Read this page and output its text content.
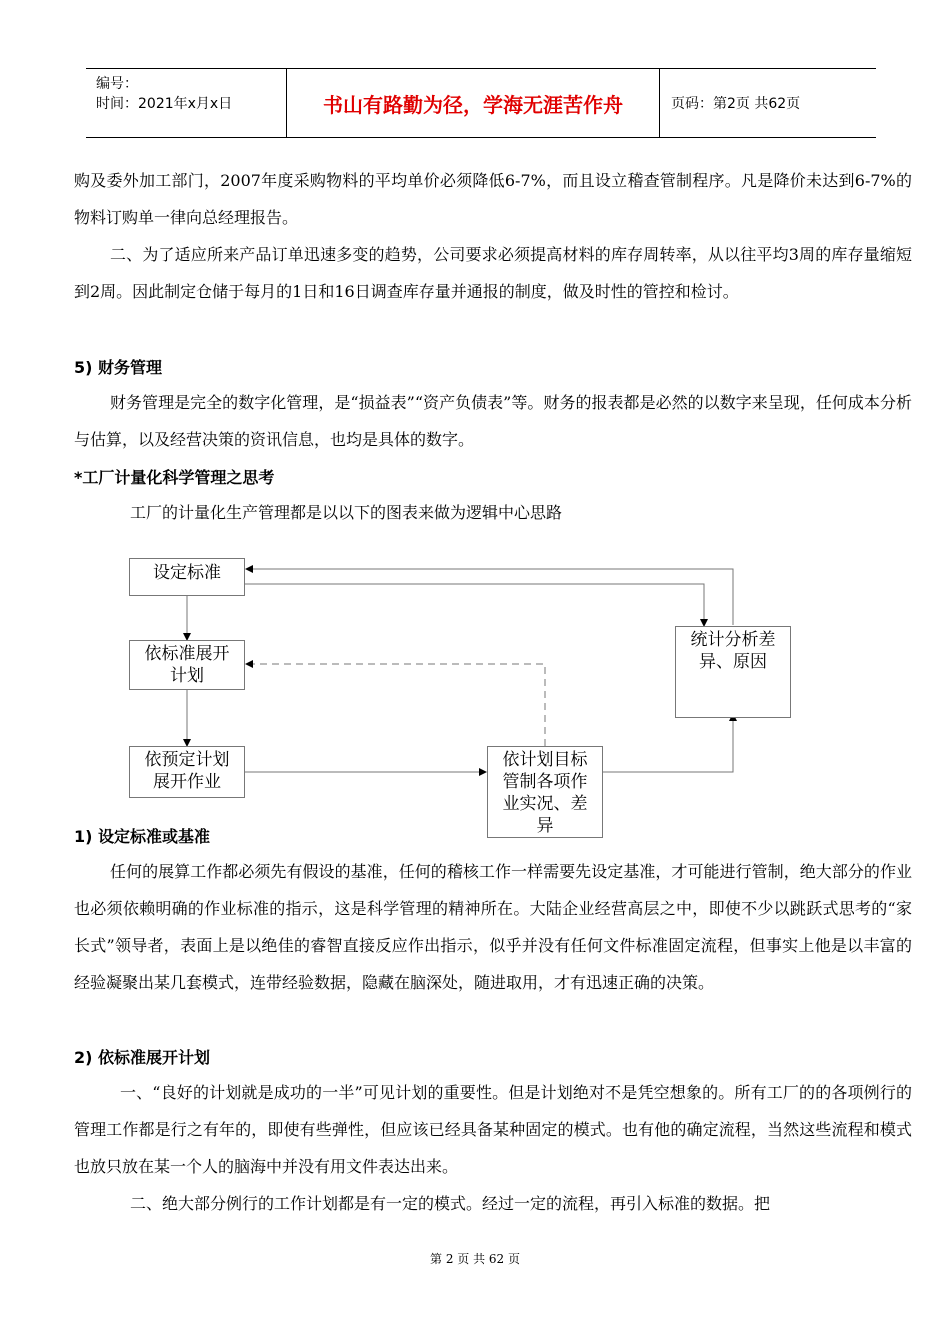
编号：
时间：2021年x月x日	书山有路勤为径，学海无涯苦作舟	页码：第2页 共62页

购及委外加工部门，2007年度采购物料的平均单价必须降低6-7%，而且设立稽查管制程序。凡是降价未达到6-7%的物料订购单一律向总经理报告。

二、为了适应所来产品订单迅速多变的趋势，公司要求必须提高材料的库存周转率，从以往平均3周的库存量缩短到2周。因此制定仓储于每月的1日和16日调查库存量并通报的制度，做及时性的管控和检讨。

5) 财务管理

财务管理是完全的数字化管理，是“损益表”“资产负债表”等。财务的报表都是必然的以数字来呈现，任何成本分析与估算，以及经营决策的资讯信息，也均是具体的数字。

*工厂计量化科学管理之思考

工厂的计量化生产管理都是以以下的图表来做为逻辑中心思路

设定标准
依标准展开计划
依预定计划展开作业
依计划目标管制各项作业实况、差异
统计分析差异、原因
1) 设定标准或基准

任何的展算工作都必须先有假设的基准，任何的稽核工作一样需要先设定基准，才可能进行管制，绝大部分的作业也必须依赖明确的作业标准的指示，这是科学管理的精神所在。大陆企业经营高层之中，即使不少以跳跃式思考的“家长式”领导者，表面上是以绝佳的睿智直接反应作出指示，似乎并没有任何文件标准固定流程，但事实上他是以丰富的经验凝聚出某几套模式，连带经验数据，隐藏在脑深处，随进取用，才有迅速正确的决策。

2) 依标准展开计划

一、“良好的计划就是成功的一半”可见计划的重要性。但是计划绝对不是凭空想象的。所有工厂的的各项例行的管理工作都是行之有年的，即使有些弹性，但应该已经具备某种固定的模式。也有他的确定流程，当然这些流程和模式也放只放在某一个人的脑海中并没有用文件表达出来。

二、绝大部分例行的工作计划都是有一定的模式。经过一定的流程，再引入标准的数据。把

第 2 页 共 62 页
